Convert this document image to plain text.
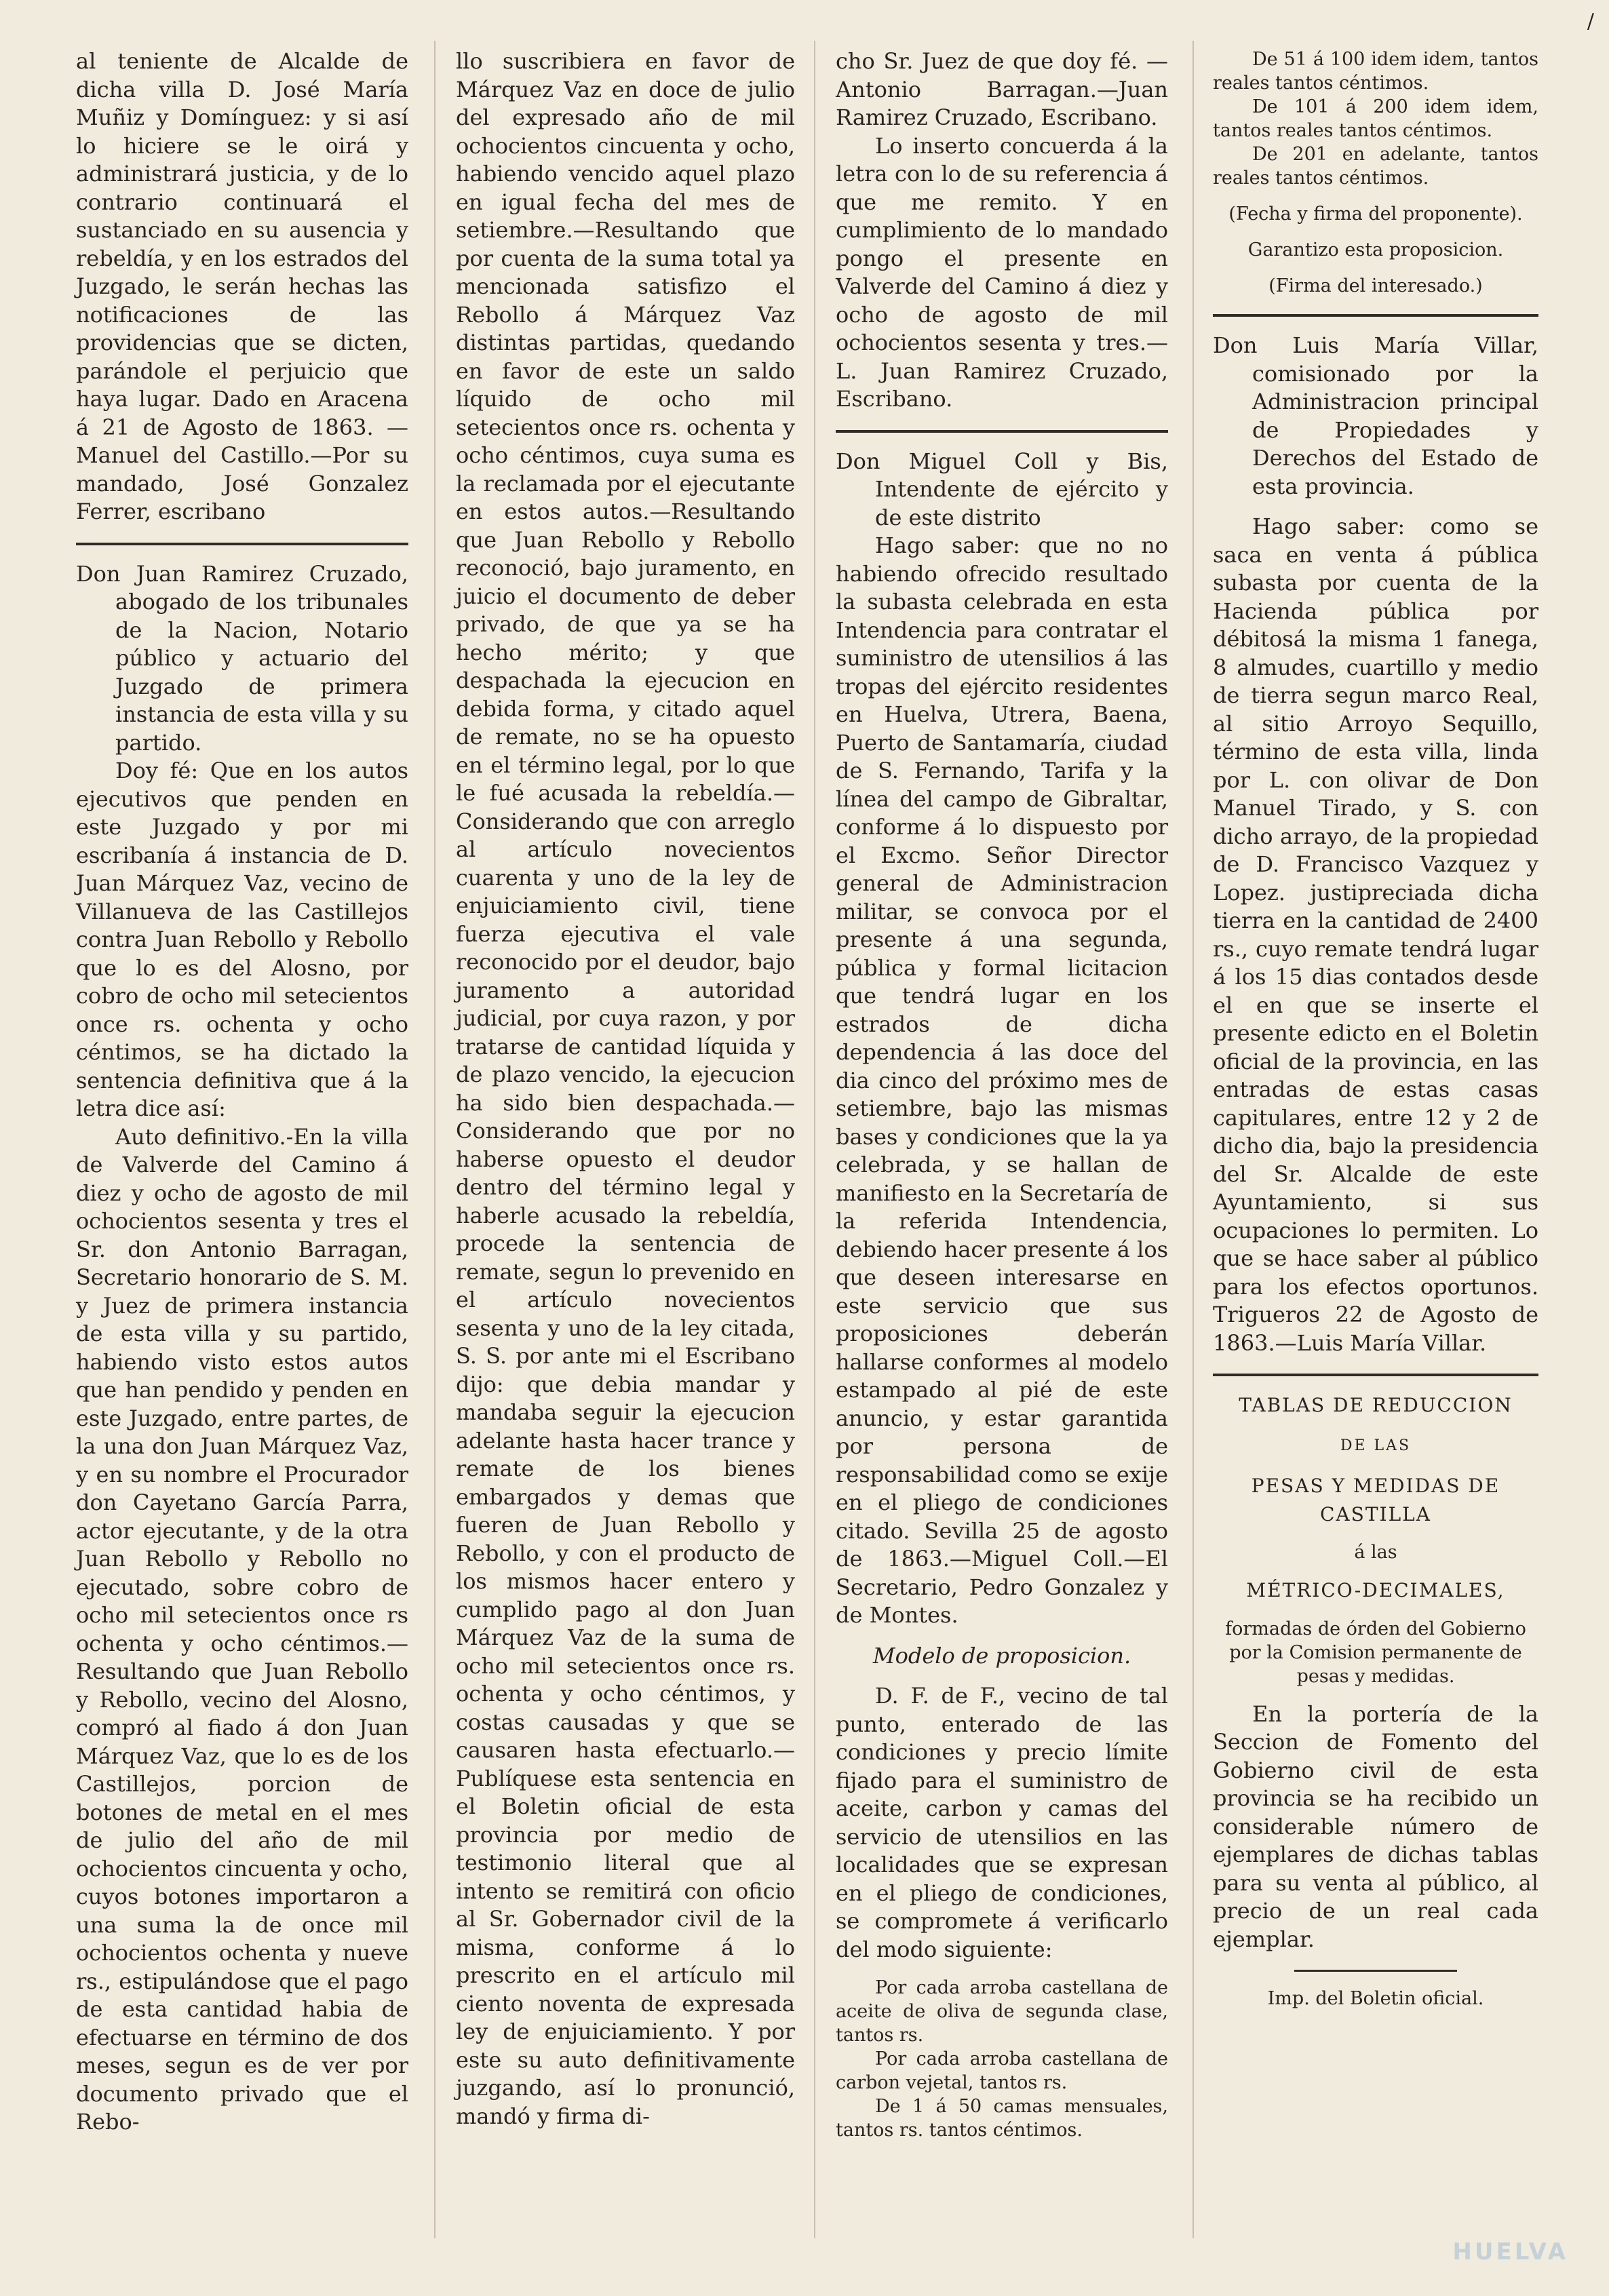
/

al teniente de Alcalde de dicha villa D. José María Muñiz y Domínguez: y si así lo hiciere se le oirá y administrará justicia, y de lo contrario continuará el sustanciado en su ausencia y rebeldía, y en los estrados del Juzgado, le serán hechas las notificaciones de las providencias que se dicten, parándole el perjuicio que haya lugar. Dado en Aracena á 21 de Agosto de 1863. —Manuel del Castillo.—Por su mandado, José Gonzalez Ferrer, escribano

Don Juan Ramirez Cruzado, abogado de los tribunales de la Nacion, Notario público y actuario del Juzgado de primera instancia de esta villa y su partido.

Doy fé: Que en los autos ejecutivos que penden en este Juzgado y por mi escribanía á instancia de D. Juan Márquez Vaz, vecino de Villanueva de las Castillejos contra Juan Rebollo y Rebollo que lo es del Alosno, por cobro de ocho mil setecientos once rs. ochenta y ocho céntimos, se ha dictado la sentencia definitiva que á la letra dice así:

Auto definitivo.-En la villa de Valverde del Camino á diez y ocho de agosto de mil ochocientos sesenta y tres el Sr. don Antonio Barragan, Secretario honorario de S. M. y Juez de primera instancia de esta villa y su partido, habiendo visto estos autos que han pendido y penden en este Juzgado, entre partes, de la una don Juan Márquez Vaz, y en su nombre el Procurador don Cayetano García Parra, actor ejecutante, y de la otra Juan Rebollo y Rebollo no ejecutado, sobre cobro de ocho mil setecientos once rs ochenta y ocho céntimos.—Resultando que Juan Rebollo y Rebollo, vecino del Alosno, compró al fiado á don Juan Márquez Vaz, que lo es de los Castillejos, porcion de botones de metal en el mes de julio del año de mil ochocientos cincuenta y ocho, cuyos botones importaron a una suma la de once mil ochocientos ochenta y nueve rs., estipulándose que el pago de esta cantidad habia de efectuarse en término de dos meses, segun es de ver por documento privado que el Rebo-

llo suscribiera en favor de Márquez Vaz en doce de julio del expresado año de mil ochocientos cincuenta y ocho, habiendo vencido aquel plazo en igual fecha del mes de setiembre.—Resultando que por cuenta de la suma total ya mencionada satisfizo el Rebollo á Márquez Vaz distintas partidas, quedando en favor de este un saldo líquido de ocho mil setecientos once rs. ochenta y ocho céntimos, cuya suma es la reclamada por el ejecutante en estos autos.—Resultando que Juan Rebollo y Rebollo reconoció, bajo juramento, en juicio el documento de deber privado, de que ya se ha hecho mérito; y que despachada la ejecucion en debida forma, y citado aquel de remate, no se ha opuesto en el término legal, por lo que le fué acusada la rebeldía.—Considerando que con arreglo al artículo novecientos cuarenta y uno de la ley de enjuiciamiento civil, tiene fuerza ejecutiva el vale reconocido por el deudor, bajo juramento a autoridad judicial, por cuya razon, y por tratarse de cantidad líquida y de plazo vencido, la ejecucion ha sido bien despachada.—Considerando que por no haberse opuesto el deudor dentro del término legal y haberle acusado la rebeldía, procede la sentencia de remate, segun lo prevenido en el artículo novecientos sesenta y uno de la ley citada, S. S. por ante mi el Escribano dijo: que debia mandar y mandaba seguir la ejecucion adelante hasta hacer trance y remate de los bienes embargados y demas que fueren de Juan Rebollo y Rebollo, y con el producto de los mismos hacer entero y cumplido pago al don Juan Márquez Vaz de la suma de ocho mil setecientos once rs. ochenta y ocho céntimos, y costas causadas y que se causaren hasta efectuarlo.—Publíquese esta sentencia en el Boletin oficial de esta provincia por medio de testimonio literal que al intento se remitirá con oficio al Sr. Gobernador civil de la misma, conforme á lo prescrito en el artículo mil ciento noventa de expresada ley de enjuiciamiento. Y por este su auto definitivamente juzgando, así lo pronunció, mandó y firma di-

cho Sr. Juez de que doy fé. —Antonio Barragan.—Juan Ramirez Cruzado, Escribano.

Lo inserto concuerda á la letra con lo de su referencia á que me remito. Y en cumplimiento de lo mandado pongo el presente en Valverde del Camino á diez y ocho de agosto de mil ochocientos sesenta y tres.—L. Juan Ramirez Cruzado, Escribano.

Don Miguel Coll y Bis, Intendente de ejército y de este distrito

Hago saber: que no no habiendo ofrecido resultado la subasta celebrada en esta Intendencia para contratar el suministro de utensilios á las tropas del ejército residentes en Huelva, Utrera, Baena, Puerto de Santamaría, ciudad de S. Fernando, Tarifa y la línea del campo de Gibraltar, conforme á lo dispuesto por el Excmo. Señor Director general de Administracion militar, se convoca por el presente á una segunda, pública y formal licitacion que tendrá lugar en los estrados de dicha dependencia á las doce del dia cinco del próximo mes de setiembre, bajo las mismas bases y condiciones que la ya celebrada, y se hallan de manifiesto en la Secretaría de la referida Intendencia, debiendo hacer presente á los que deseen interesarse en este servicio que sus proposiciones deberán hallarse conformes al modelo estampado al pié de este anuncio, y estar garantida por persona de responsabilidad como se exije en el pliego de condiciones citado. Sevilla 25 de agosto de 1863.—Miguel Coll.—El Secretario, Pedro Gonzalez y de Montes.

Modelo de proposicion.

D. F. de F., vecino de tal punto, enterado de las condiciones y precio límite fijado para el suministro de aceite, carbon y camas del servicio de utensilios en las localidades que se expresan en el pliego de condiciones, se compromete á verificarlo del modo siguiente:

Por cada arroba castellana de aceite de oliva de segunda clase, tantos rs.

Por cada arroba castellana de carbon vejetal, tantos rs.

De 1 á 50 camas mensuales, tantos rs. tantos céntimos.

De 51 á 100 idem idem, tantos reales tantos céntimos.

De 101 á 200 idem idem, tantos reales tantos céntimos.

De 201 en adelante, tantos reales tantos céntimos.

(Fecha y firma del proponente).

Garantizo esta proposicion.

(Firma del interesado.)

Don Luis María Villar, comisionado por la Administracion principal de Propiedades y Derechos del Estado de esta provincia.

Hago saber: como se saca en venta á pública subasta por cuenta de la Hacienda pública por débitosá la misma 1 fanega, 8 almudes, cuartillo y medio de tierra segun marco Real, al sitio Arroyo Sequillo, término de esta villa, linda por L. con olivar de Don Manuel Tirado, y S. con dicho arrayo, de la propiedad de D. Francisco Vazquez y Lopez. justipreciada dicha tierra en la cantidad de 2400 rs., cuyo remate tendrá lugar á los 15 dias contados desde el en que se inserte el presente edicto en el Boletin oficial de la provincia, en las entradas de estas casas capitulares, entre 12 y 2 de dicho dia, bajo la presidencia del Sr. Alcalde de este Ayuntamiento, si sus ocupaciones lo permiten. Lo que se hace saber al público para los efectos oportunos. Trigueros 22 de Agosto de 1863.—Luis María Villar.

TABLAS DE REDUCCION

DE LAS

PESAS Y MEDIDAS DE CASTILLA

á las

MÉTRICO-DECIMALES,

formadas de órden del Gobierno por la Comision permanente de pesas y medidas.

En la portería de la Seccion de Fomento del Gobierno civil de esta provincia se ha recibido un considerable número de ejemplares de dichas tablas para su venta al público, al precio de un real cada ejemplar.

Imp. del Boletin oficial.

HUELVA
